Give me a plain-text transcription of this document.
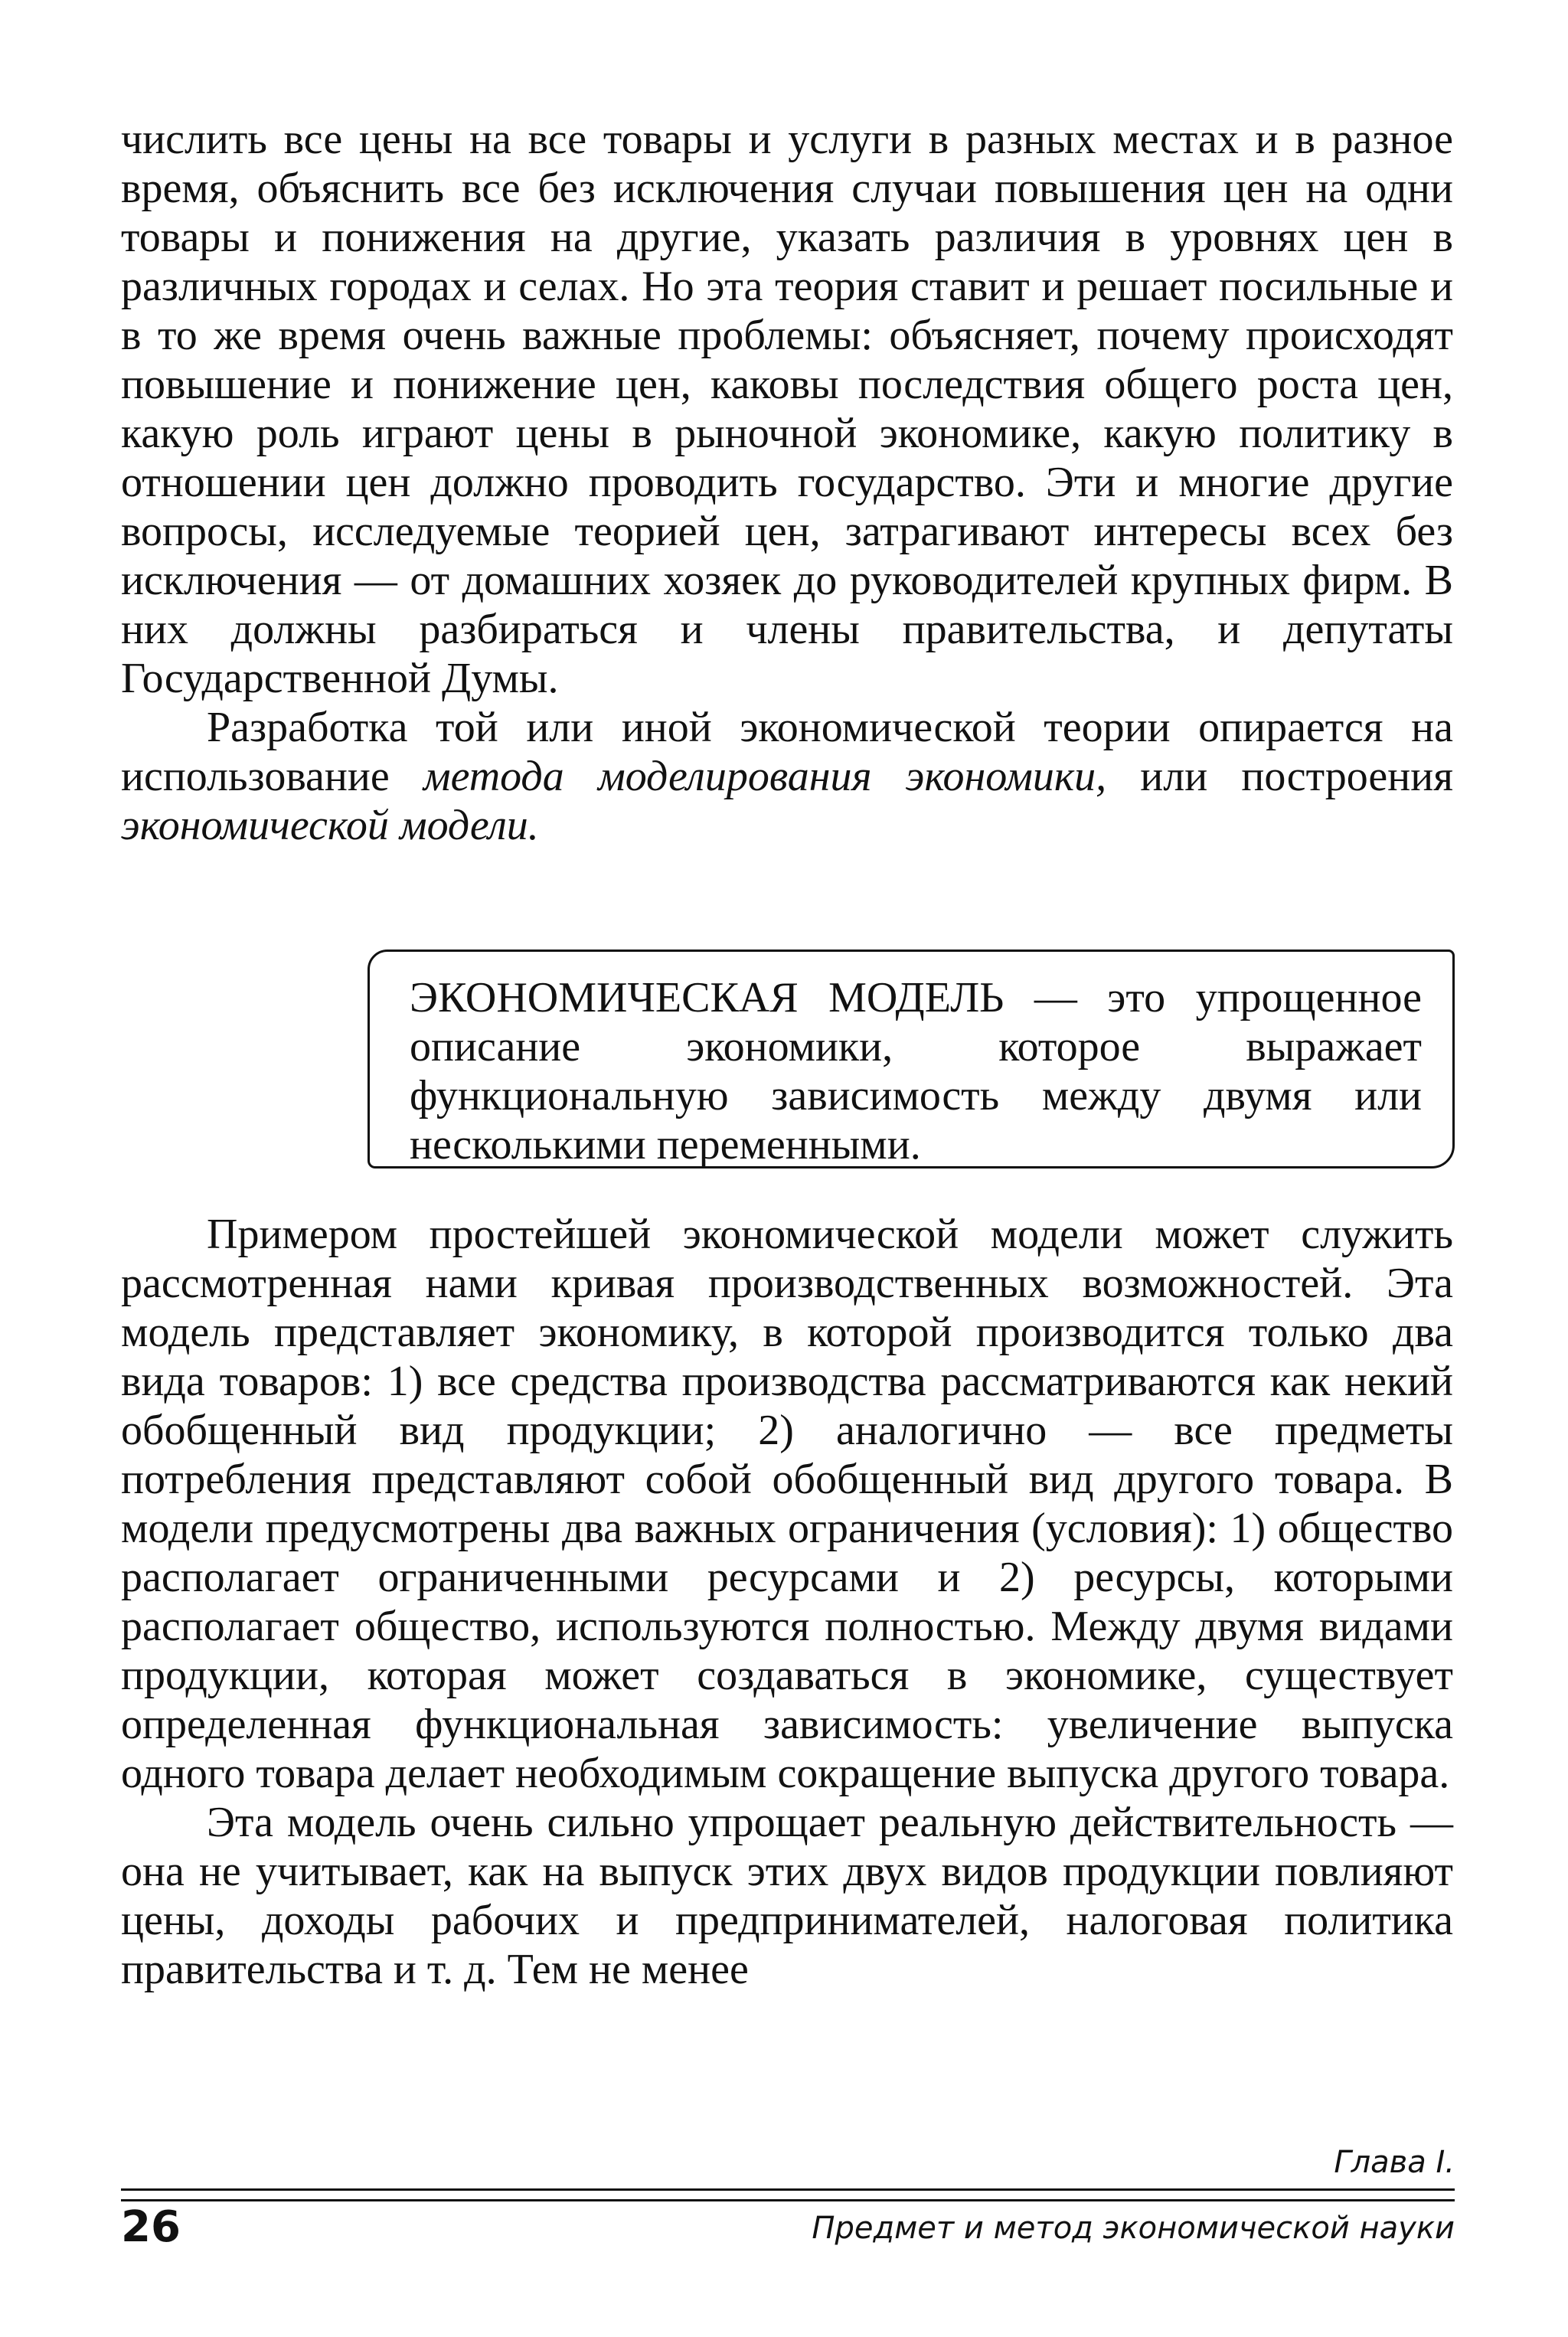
числить все цены на все товары и услуги в разных местах и в разное время, объяснить все без исключения случаи повышения цен на одни товары и понижения на другие, указать различия в уровнях цен в различных городах и селах. Но эта теория ставит и решает посильные и в то же время очень важные проблемы: объясняет, почему происходят повышение и понижение цен, каковы последствия общего роста цен, какую роль играют цены в рыночной экономике, какую политику в отношении цен должно проводить государство. Эти и многие другие вопросы, исследуемые теорией цен, затрагивают интересы всех без исключения — от домашних хозяек до руководителей крупных фирм. В них должны разбираться и члены правительства, и депутаты Государственной Думы.

Разработка той или иной экономической теории опирается на использование метода моделирования экономики, или построения экономической модели.

ЭКОНОМИЧЕСКАЯ МОДЕЛЬ — это упрощенное описание экономики, которое выражает функциональную зависимость между двумя или несколькими переменными.

Примером простейшей экономической модели может служить рассмотренная нами кривая производственных возможностей. Эта модель представляет экономику, в которой производится только два вида товаров: 1) все средства производства рассматриваются как некий обобщенный вид продукции; 2) аналогично — все предметы потребления представляют собой обобщенный вид другого товара. В модели предусмотрены два важных ограничения (условия): 1) общество располагает ограниченными ресурсами и 2) ресурсы, которыми располагает общество, используются полностью. Между двумя видами продукции, которая может создаваться в экономике, существует определенная функциональная зависимость: увеличение выпуска одного товара делает необходимым сокращение выпуска другого товара.

Эта модель очень сильно упрощает реальную действительность — она не учитывает, как на выпуск этих двух видов продукции повлияют цены, доходы рабочих и предпринимателей, налоговая политика правительства и т. д. Тем не менее

Глава I.
26	Предмет и метод экономической науки
